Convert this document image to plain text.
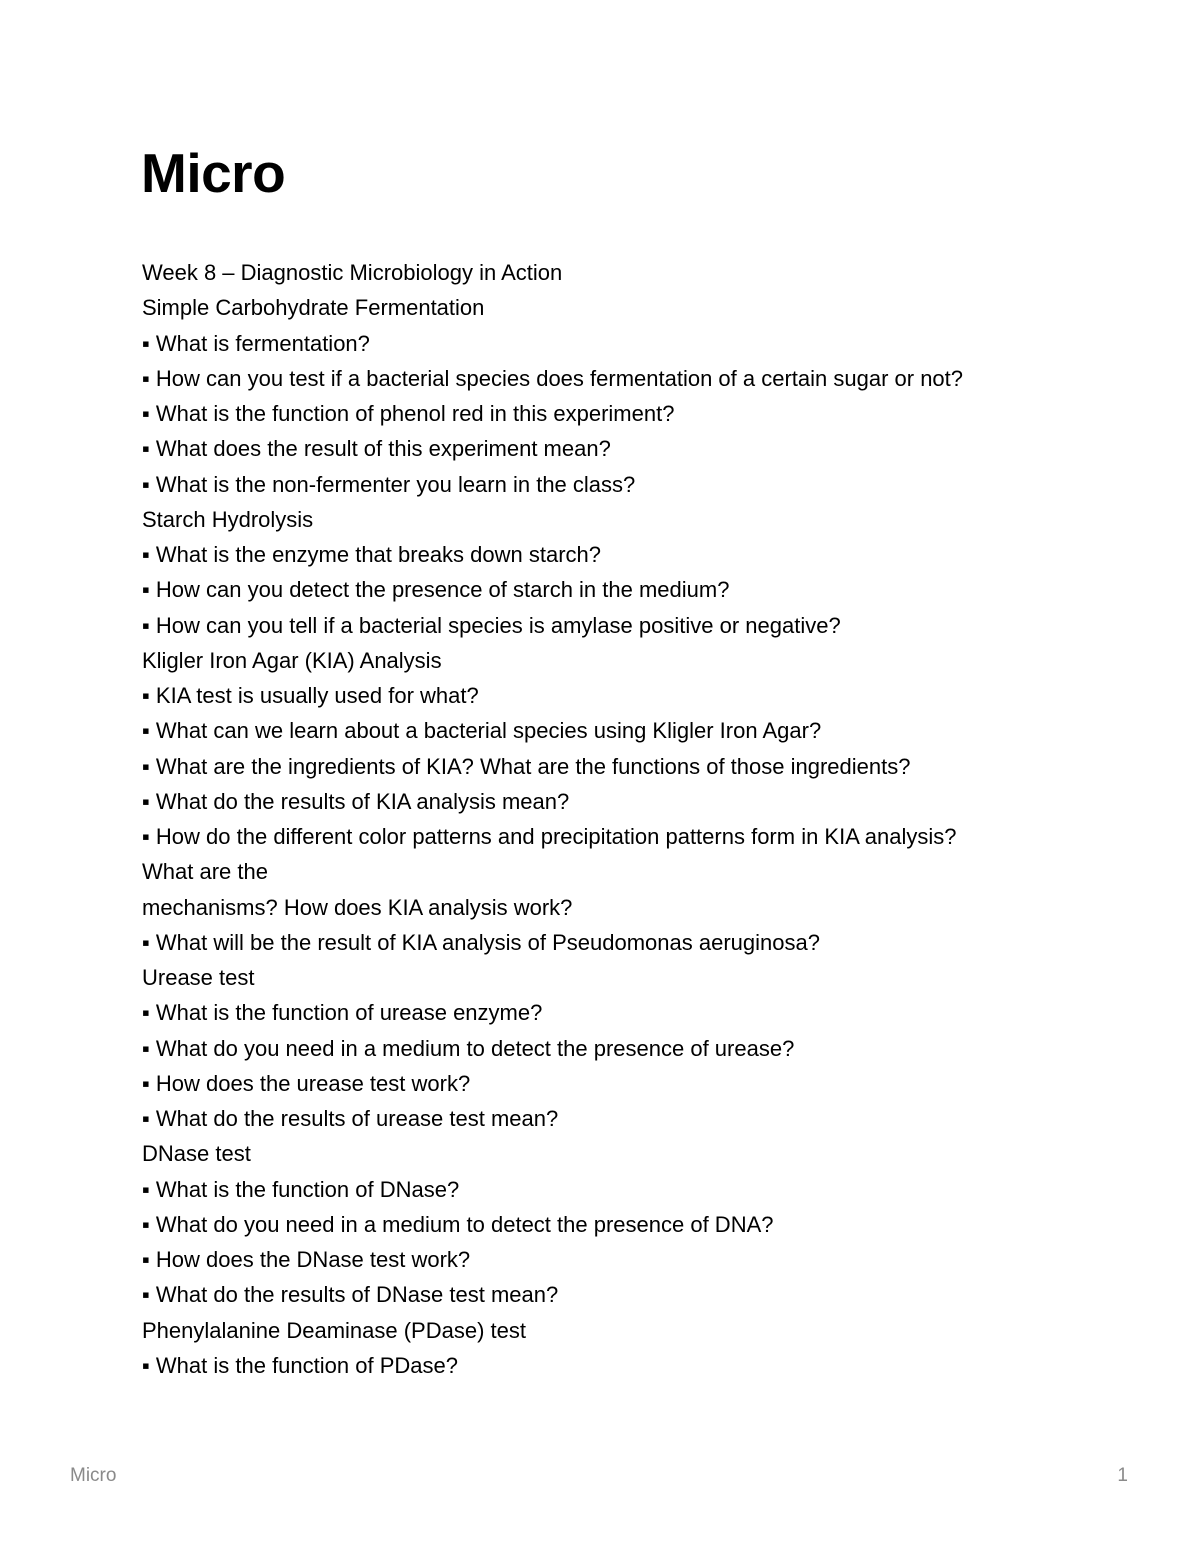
Micro
Week 8 – Diagnostic Microbiology in Action
Simple Carbohydrate Fermentation
▪ What is fermentation?
▪ How can you test if a bacterial species does fermentation of a certain sugar or not?
▪ What is the function of phenol red in this experiment?
▪ What does the result of this experiment mean?
▪ What is the non-fermenter you learn in the class?
Starch Hydrolysis
▪ What is the enzyme that breaks down starch?
▪ How can you detect the presence of starch in the medium?
▪ How can you tell if a bacterial species is amylase positive or negative?
Kligler Iron Agar (KIA) Analysis
▪ KIA test is usually used for what?
▪ What can we learn about a bacterial species using Kligler Iron Agar?
▪ What are the ingredients of KIA? What are the functions of those ingredients?
▪ What do the results of KIA analysis mean?
▪ How do the different color patterns and precipitation patterns form in KIA analysis?
What are the
mechanisms? How does KIA analysis work?
▪ What will be the result of KIA analysis of Pseudomonas aeruginosa?
Urease test
▪ What is the function of urease enzyme?
▪ What do you need in a medium to detect the presence of urease?
▪ How does the urease test work?
▪ What do the results of urease test mean?
DNase test
▪ What is the function of DNase?
▪ What do you need in a medium to detect the presence of DNA?
▪ How does the DNase test work?
▪ What do the results of DNase test mean?
Phenylalanine Deaminase (PDase) test
▪ What is the function of PDase?
Micro	1
